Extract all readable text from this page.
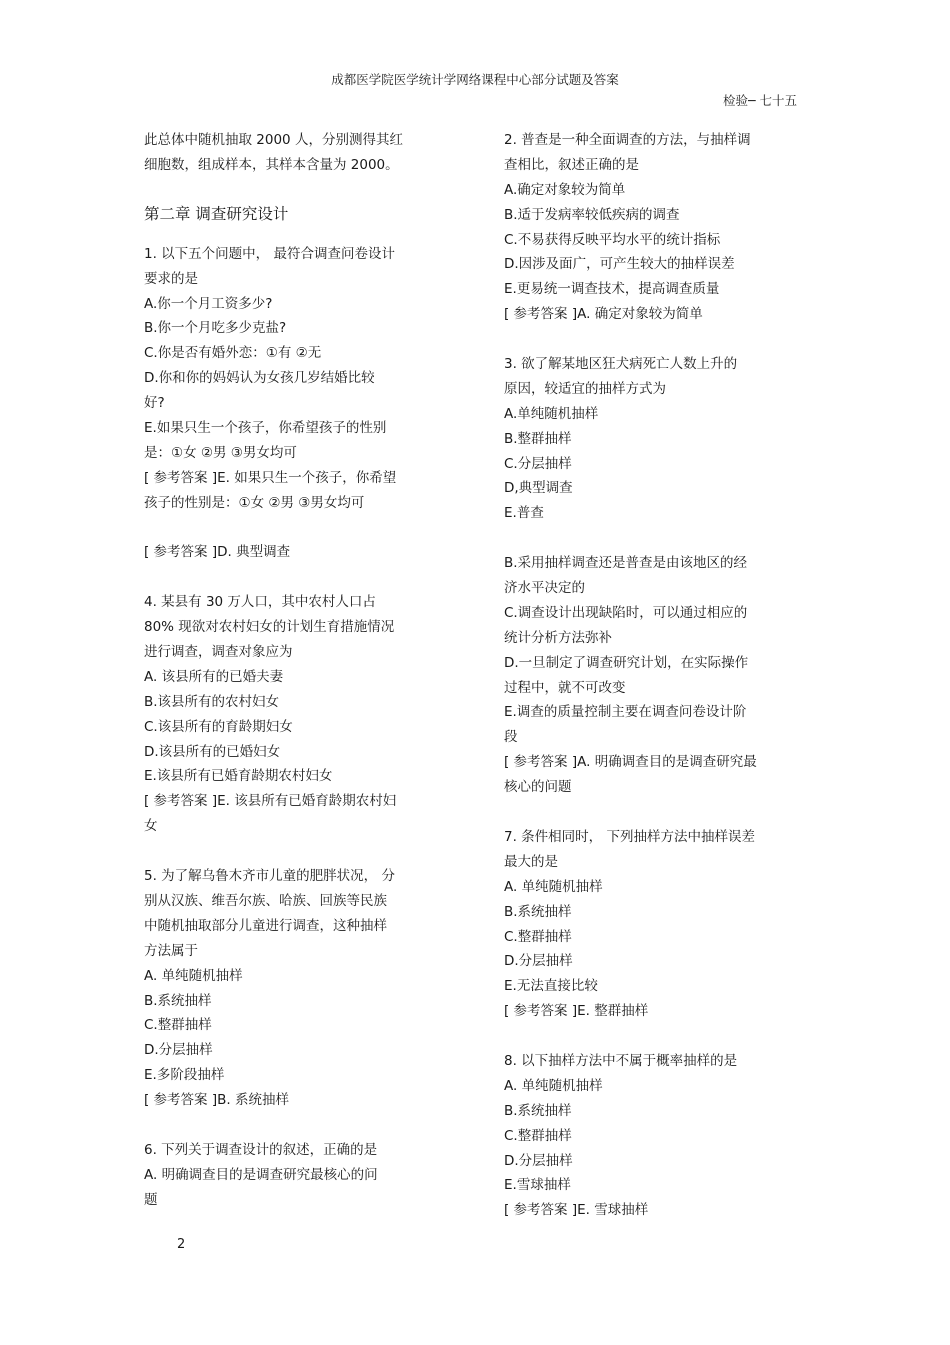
成都医学院医学统计学网络课程中心部分试题及答案
检验─ 七十五
此总体中随机抽取 2000 人，分别测得其红
细胞数，组成样本，其样本含量为 2000。
第二章 调查研究设计
1. 以下五个问题中， 最符合调查问卷设计
要求的是
A.你一个月工资多少?
B.你一个月吃多少克盐?
C.你是否有婚外恋：①有 ②无
D.你和你的妈妈认为女孩几岁结婚比较
好?
E.如果只生一个孩子，你希望孩子的性别
是：①女 ②男 ③男女均可
[ 参考答案 ]E. 如果只生一个孩子，你希望
孩子的性别是：①女 ②男 ③男女均可
[ 参考答案 ]D. 典型调查
4. 某县有 30 万人口，其中农村人口占
80% 现欲对农村妇女的计划生育措施情况
进行调查，调查对象应为
A. 该县所有的已婚夫妻
B.该县所有的农村妇女
C.该县所有的育龄期妇女
D.该县所有的已婚妇女
E.该县所有已婚育龄期农村妇女
[ 参考答案 ]E. 该县所有已婚育龄期农村妇
女
5. 为了解乌鲁木齐市儿童的肥胖状况， 分
别从汉族、维吾尔族、哈族、回族等民族
中随机抽取部分儿童进行调查，这种抽样
方法属于
A. 单纯随机抽样
B.系统抽样
C.整群抽样
D.分层抽样
E.多阶段抽样
[ 参考答案 ]B. 系统抽样
6. 下列关于调查设计的叙述，正确的是
A. 明确调查目的是调查研究最核心的问
题
2. 普查是一种全面调查的方法，与抽样调
查相比，叙述正确的是
A.确定对象较为简单
B.适于发病率较低疾病的调查
C.不易获得反映平均水平的统计指标
D.因涉及面广，可产生较大的抽样误差
E.更易统一调查技术，提高调查质量
[ 参考答案 ]A. 确定对象较为简单
3. 欲了解某地区狂犬病死亡人数上升的
原因，较适宜的抽样方式为
A.单纯随机抽样
B.整群抽样
C.分层抽样
D,典型调查
E.普查
B.采用抽样调查还是普查是由该地区的经
济水平决定的
C.调查设计出现缺陷时，可以通过相应的
统计分析方法弥补
D.一旦制定了调查研究计划，在实际操作
过程中，就不可改变
E.调查的质量控制主要在调查问卷设计阶
段
[ 参考答案 ]A. 明确调查目的是调查研究最
核心的问题
7. 条件相同时， 下列抽样方法中抽样误差
最大的是
A. 单纯随机抽样
B.系统抽样
C.整群抽样
D.分层抽样
E.无法直接比较
[ 参考答案 ]E. 整群抽样
8. 以下抽样方法中不属于概率抽样的是
A. 单纯随机抽样
B.系统抽样
C.整群抽样
D.分层抽样
E.雪球抽样
[ 参考答案 ]E. 雪球抽样
2
